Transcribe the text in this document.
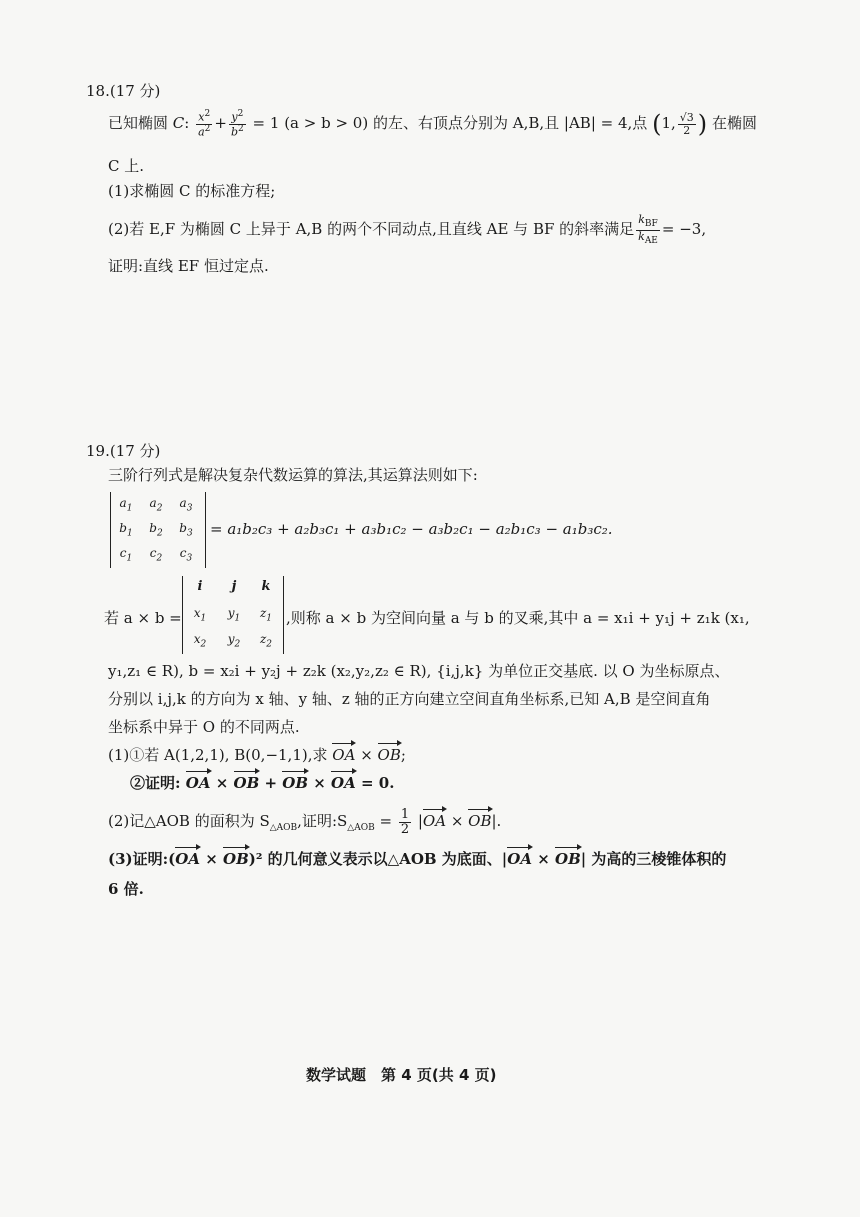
18.(17 分)
已知椭圆 C: $\frac{x^2}{a^2} + \frac{y^2}{b^2} = 1$ (a > b > 0) 的左、右顶点分别为 A,B,且 |AB| = 4,点 (1, $\frac{√3}{2}$ ) 在椭圆
C 上.
(1)求椭圆 C 的标准方程;
(2)若 E,F 为椭圆 C 上异于 A,B 的两个不同动点,且直线 AE 与 BF 的斜率满足 $\frac{k_{BF}}{k_{AE}} = -3$,
证明:直线 EF 恒过定点.
19.(17 分)
三阶行列式是解决复杂代数运算的算法,其运算法则如下:
$a_1$	$a_2$	$a_3$
$b_1$	$b_2$	$b_3$
$c_1$	$c_2$	$c_3$
= a₁b₂c₃ + a₂b₃c₁ + a₃b₁c₂ − a₃b₂c₁ − a₂b₁c₃ − a₁b₃c₂.
若 a × b =
i	j	k
$x_1$	$y_1$	$z_1$
$x_2$	$y_2$	$z_2$
,则称 a × b 为空间向量 a 与 b 的叉乘,其中 a = x₁i + y₁j + z₁k (x₁,
y₁,z₁ ∈ R), b = x₂i + y₂j + z₂k (x₂,y₂,z₂ ∈ R), {i,j,k} 为单位正交基底. 以 O 为坐标原点、
分别以 i,j,k 的方向为 x 轴、y 轴、z 轴的正方向建立空间直角坐标系,已知 A,B 是空间直角
坐标系中异于 O 的不同两点.
(1)①若 A(1,2,1), B(0,−1,1),求 OA × OB;
②证明: OA × OB + OB × OA = 0.
(2)记△AOB 的面积为 $S_{\triangle AOB}$,证明$:S_{\triangle AOB} = \frac{1}{2} |OA \times OB|$.
(3)证明:(OA × OB)² 的几何意义表示以△AOB 为底面、|OA × OB| 为高的三棱锥体积的
6 倍.
数学试题　第 4 页(共 4 页)
